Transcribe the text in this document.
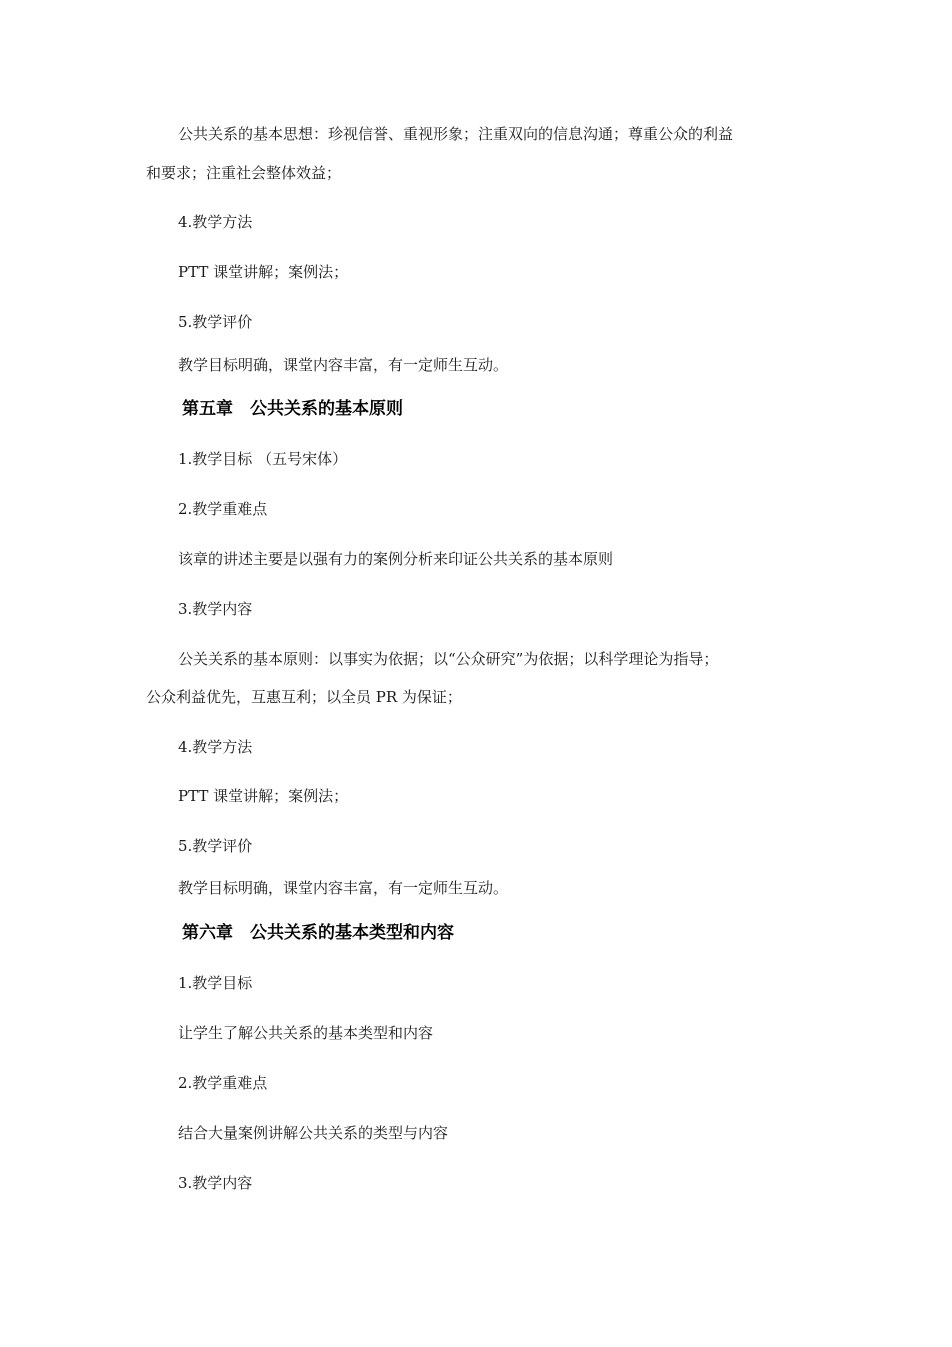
公共关系的基本思想：珍视信誉、重视形象；注重双向的信息沟通；尊重公众的利益
和要求；注重社会整体效益；
4.教学方法
PTT 课堂讲解；案例法；
5.教学评价
教学目标明确，课堂内容丰富，有一定师生互动。
第五章　公共关系的基本原则
1.教学目标 （五号宋体）
2.教学重难点
该章的讲述主要是以强有力的案例分析来印证公共关系的基本原则
3.教学内容
公关关系的基本原则：以事实为依据；以“公众研究”为依据；以科学理论为指导；
公众利益优先，互惠互利；以全员 PR 为保证；
4.教学方法
PTT 课堂讲解；案例法；
5.教学评价
教学目标明确，课堂内容丰富，有一定师生互动。
第六章　公共关系的基本类型和内容
1.教学目标
让学生了解公共关系的基本类型和内容
2.教学重难点
结合大量案例讲解公共关系的类型与内容
3.教学内容
